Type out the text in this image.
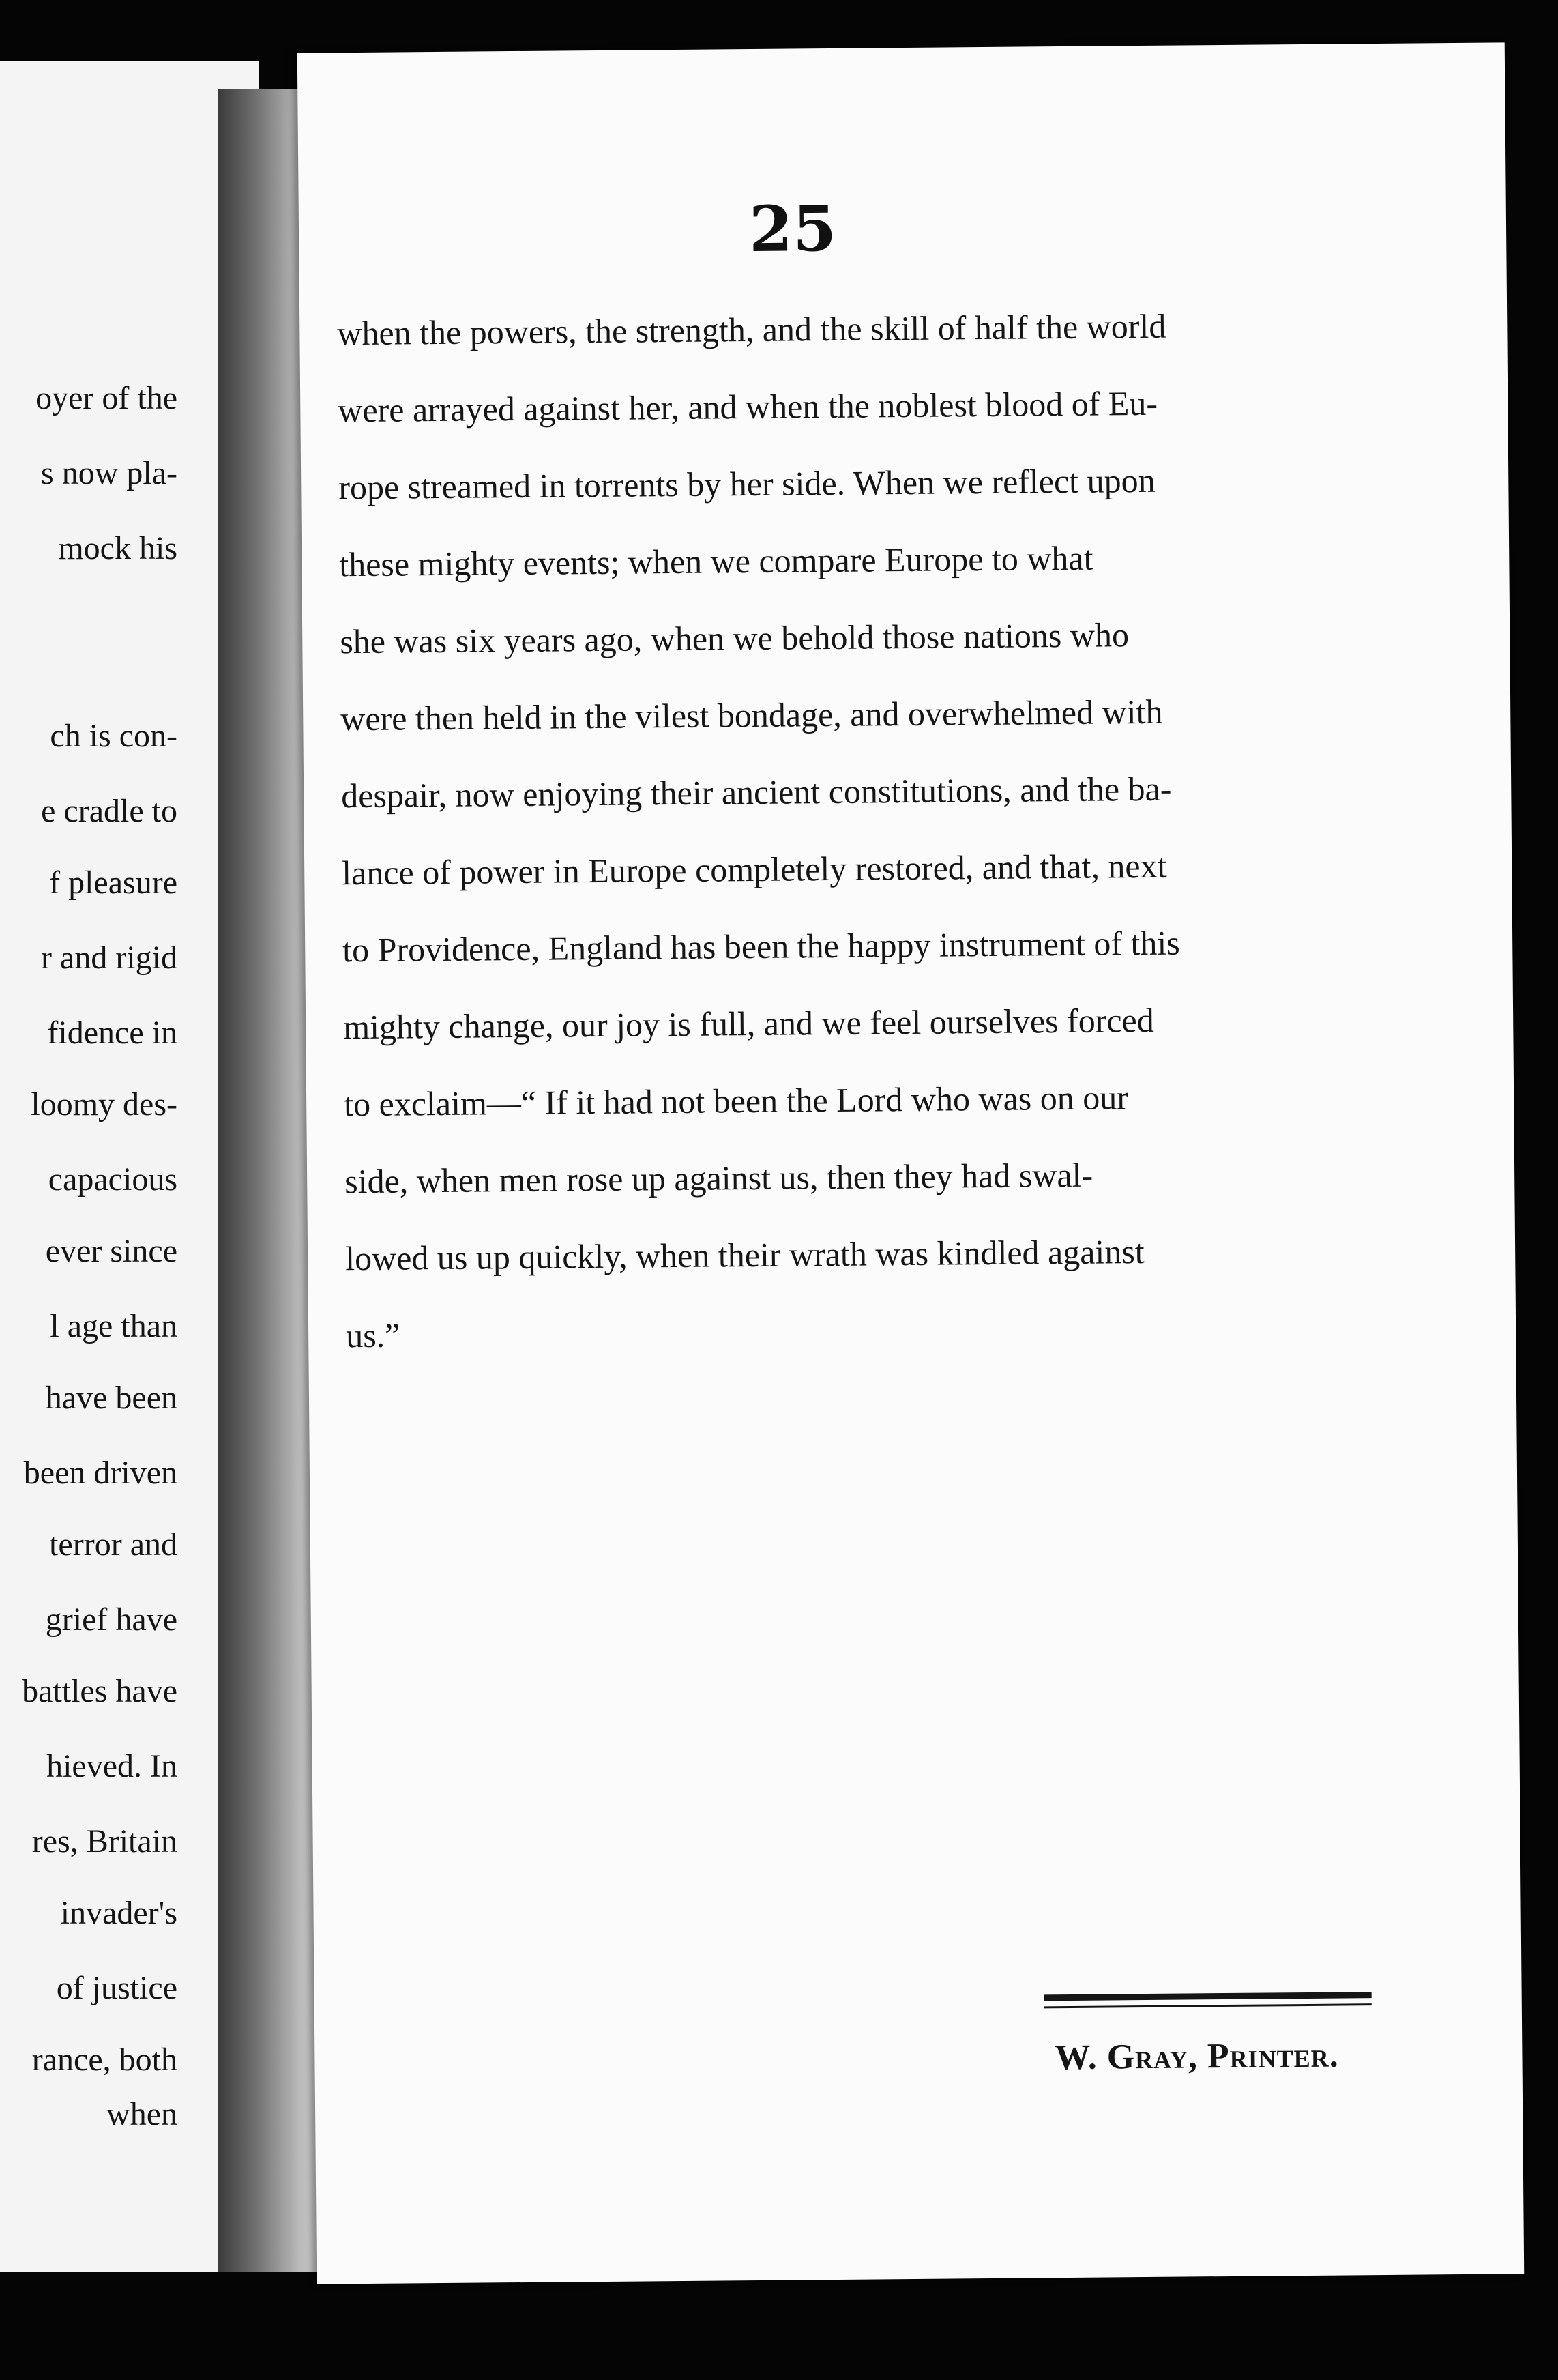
oyer of the

s now pla-

mock his

ch is con-

e cradle to

f pleasure

r and rigid

fidence in

loomy des-

capacious

ever since

l age than

have been

been driven

terror and

grief have

battles have

hieved. In

res, Britain

invader's

of justice

rance, both

when

25

when the powers, the strength, and the skill of half the world
were arrayed against her, and when the noblest blood of Eu-
rope streamed in torrents by her side. When we reflect upon
these mighty events; when we compare Europe to what
she was six years ago, when we behold those nations who
were then held in the vilest bondage, and overwhelmed with
despair, now enjoying their ancient constitutions, and the ba-
lance of power in Europe completely restored, and that, next
to Providence, England has been the happy instrument of this
mighty change, our joy is full, and we feel ourselves forced
to exclaim—“ If it had not been the Lord who was on our
side, when men rose up against us, then they had swal-
lowed us up quickly, when their wrath was kindled against
us.”

W. Gray, Printer.
